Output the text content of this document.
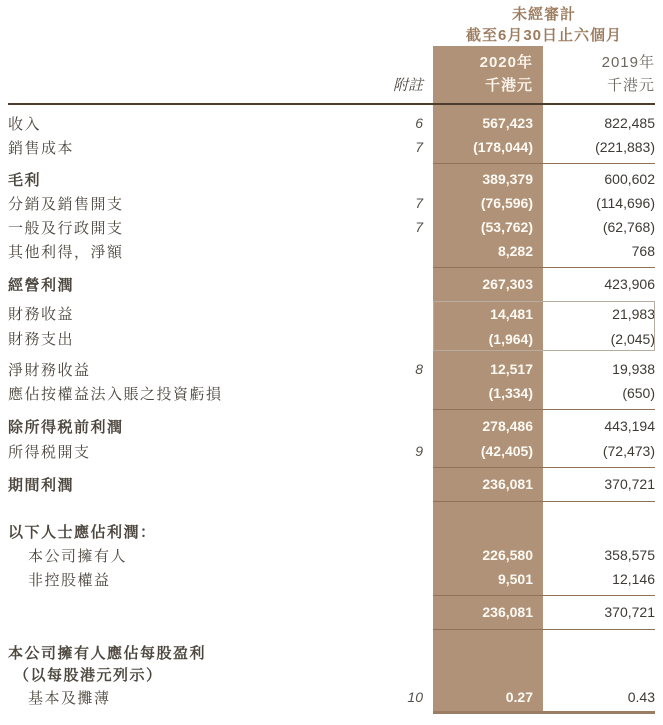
未經審計
截至6月30日止六個月
附註
2020年
千港元
2019年
千港元
收入	6	567,423	822,485
銷售成本	7	(178,044)	(221,883)
毛利	389,379	600,602
分銷及銷售開支	7	(76,596)	(114,696)
一般及行政開支	7	(53,762)	(62,768)
其他利得，淨額	8,282	768
經營利潤	267,303	423,906
財務收益	14,481	21,983
財務支出	(1,964)	(2,045)
淨財務收益	8	12,517	19,938
應佔按權益法入賬之投資虧損	(1,334)	(650)
除所得税前利潤	278,486	443,194
所得税開支	9	(42,405)	(72,473)
期間利潤	236,081	370,721
以下人士應佔利潤：
本公司擁有人	226,580	358,575
非控股權益	9,501	12,146
236,081	370,721
本公司擁有人應佔每股盈利
（以每股港元列示）
基本及攤薄	10	0.27	0.43
